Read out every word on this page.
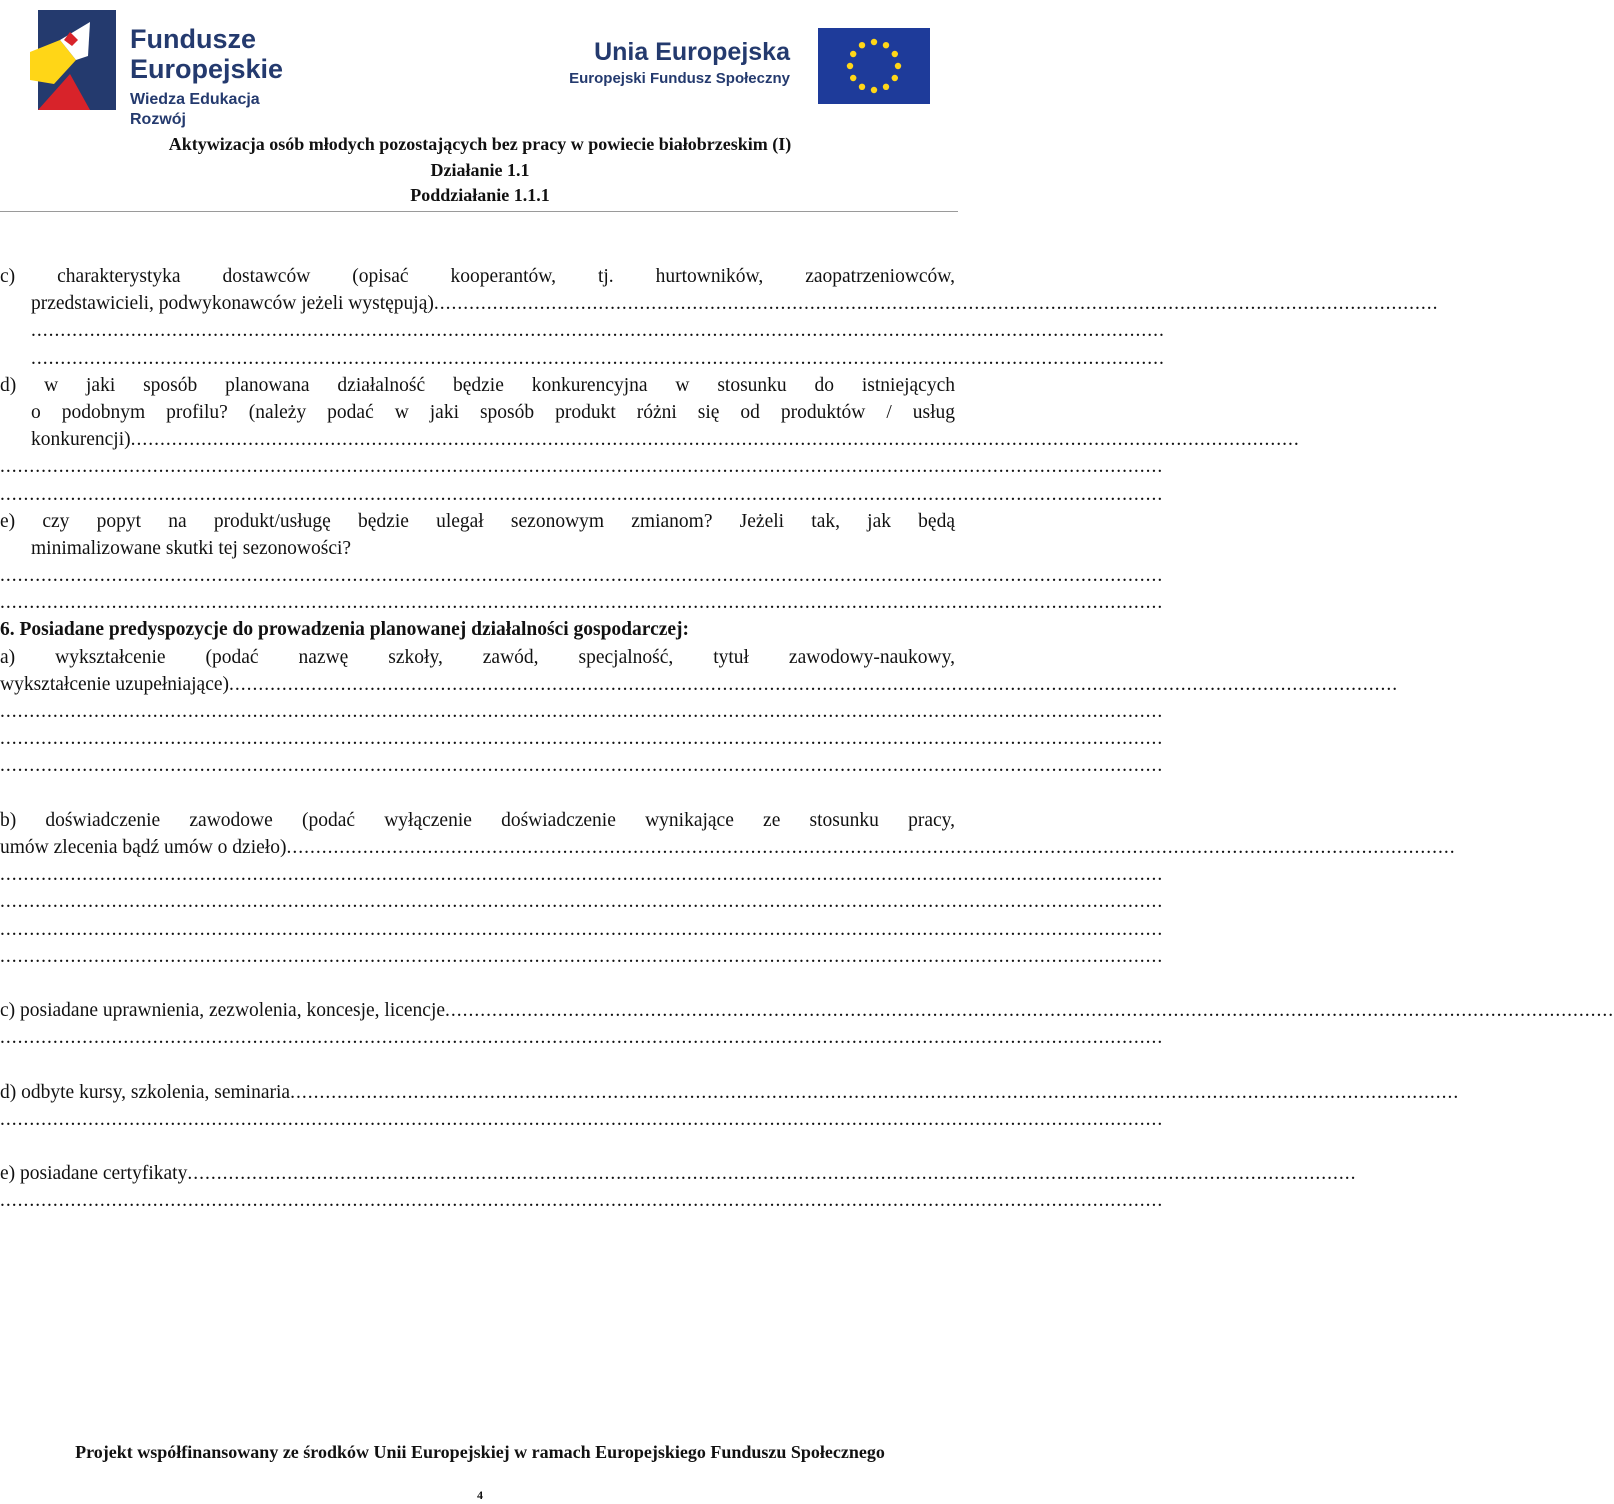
Fundusze
Europejskie
Wiedza Edukacja Rozwój
Unia Europejska
Europejski Fundusz Społeczny
Aktywizacja osób młodych pozostających bez pracy w powiecie białobrzeskim (I)
Działanie 1.1
Poddziałanie 1.1.1
c) charakterystyka dostawców (opisać kooperantów, tj. hurtowników, zaopatrzeniowców,
przedstawicieli, podwykonawców jeżeli występują) ...........................................................................................................................................................................
.................................................................................................................................................................................................
.................................................................................................................................................................................................
d) w jaki sposób planowana działalność będzie konkurencyjna w stosunku do istniejących
o podobnym profilu? (należy podać w jaki sposób produkt różni się od produktów / usług
konkurencji) .......................................................................................................................................................................................................
......................................................................................................................................................................................................
......................................................................................................................................................................................................
e) czy popyt na produkt/usługę będzie ulegał sezonowym zmianom? Jeżeli tak, jak będą
minimalizowane skutki tej sezonowości?
......................................................................................................................................................................................................
......................................................................................................................................................................................................
6. Posiadane predyspozycje do prowadzenia planowanej działalności gospodarczej:
a) wykształcenie (podać nazwę szkoły, zawód, specjalność, tytuł zawodowy-naukowy,
wykształcenie uzupełniające) .......................................................................................................................................................................................................
......................................................................................................................................................................................................
......................................................................................................................................................................................................
......................................................................................................................................................................................................
b) doświadczenie zawodowe (podać wyłączenie doświadczenie wynikające ze stosunku pracy,
umów zlecenia bądź umów o dzieło) .......................................................................................................................................................................................................
......................................................................................................................................................................................................
......................................................................................................................................................................................................
......................................................................................................................................................................................................
......................................................................................................................................................................................................
c) posiadane uprawnienia, zezwolenia, koncesje, licencje .......................................................................................................................................................................................................
......................................................................................................................................................................................................
d) odbyte kursy, szkolenia, seminaria .......................................................................................................................................................................................................
......................................................................................................................................................................................................
e) posiadane certyfikaty .......................................................................................................................................................................................................
......................................................................................................................................................................................................
Projekt współfinansowany ze środków Unii Europejskiej w ramach Europejskiego Funduszu Społecznego
4
